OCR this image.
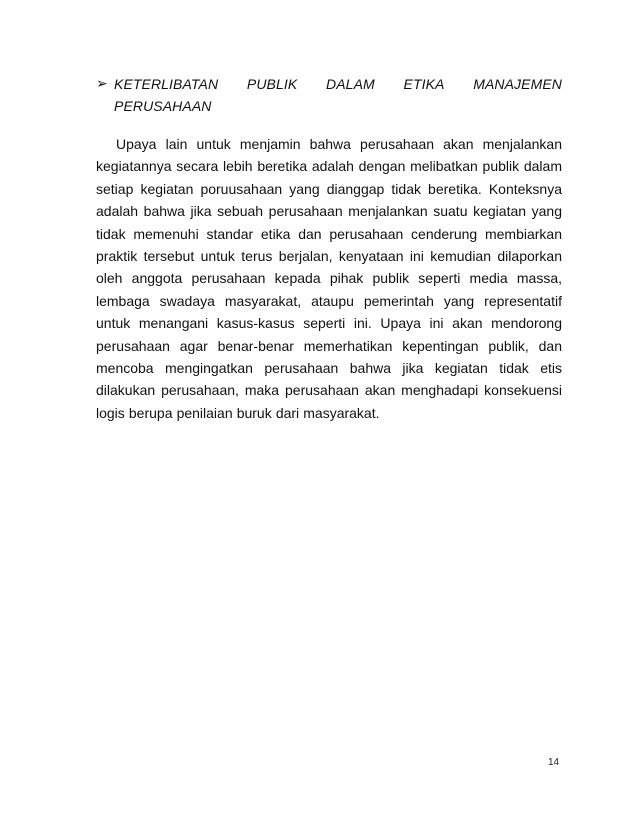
➢ KETERLIBATAN PUBLIK DALAM ETIKA MANAJEMEN
PERUSAHAAN

Upaya lain untuk menjamin bahwa perusahaan akan menjalankan kegiatannya secara lebih beretika adalah dengan melibatkan publik dalam setiap kegiatan poruusahaan yang dianggap tidak beretika. Konteksnya adalah bahwa jika sebuah perusahaan menjalankan suatu kegiatan yang tidak memenuhi standar etika dan perusahaan cenderung membiarkan praktik tersebut untuk terus berjalan, kenyataan ini kemudian dilaporkan oleh anggota perusahaan kepada pihak publik seperti media massa, lembaga swadaya masyarakat, ataupu pemerintah yang representatif untuk menangani kasus-kasus seperti ini. Upaya ini akan mendorong perusahaan agar benar-benar memerhatikan kepentingan publik, dan mencoba mengingatkan perusahaan bahwa jika kegiatan tidak etis dilakukan perusahaan, maka perusahaan akan menghadapi konsekuensi logis berupa penilaian buruk dari masyarakat.

14
